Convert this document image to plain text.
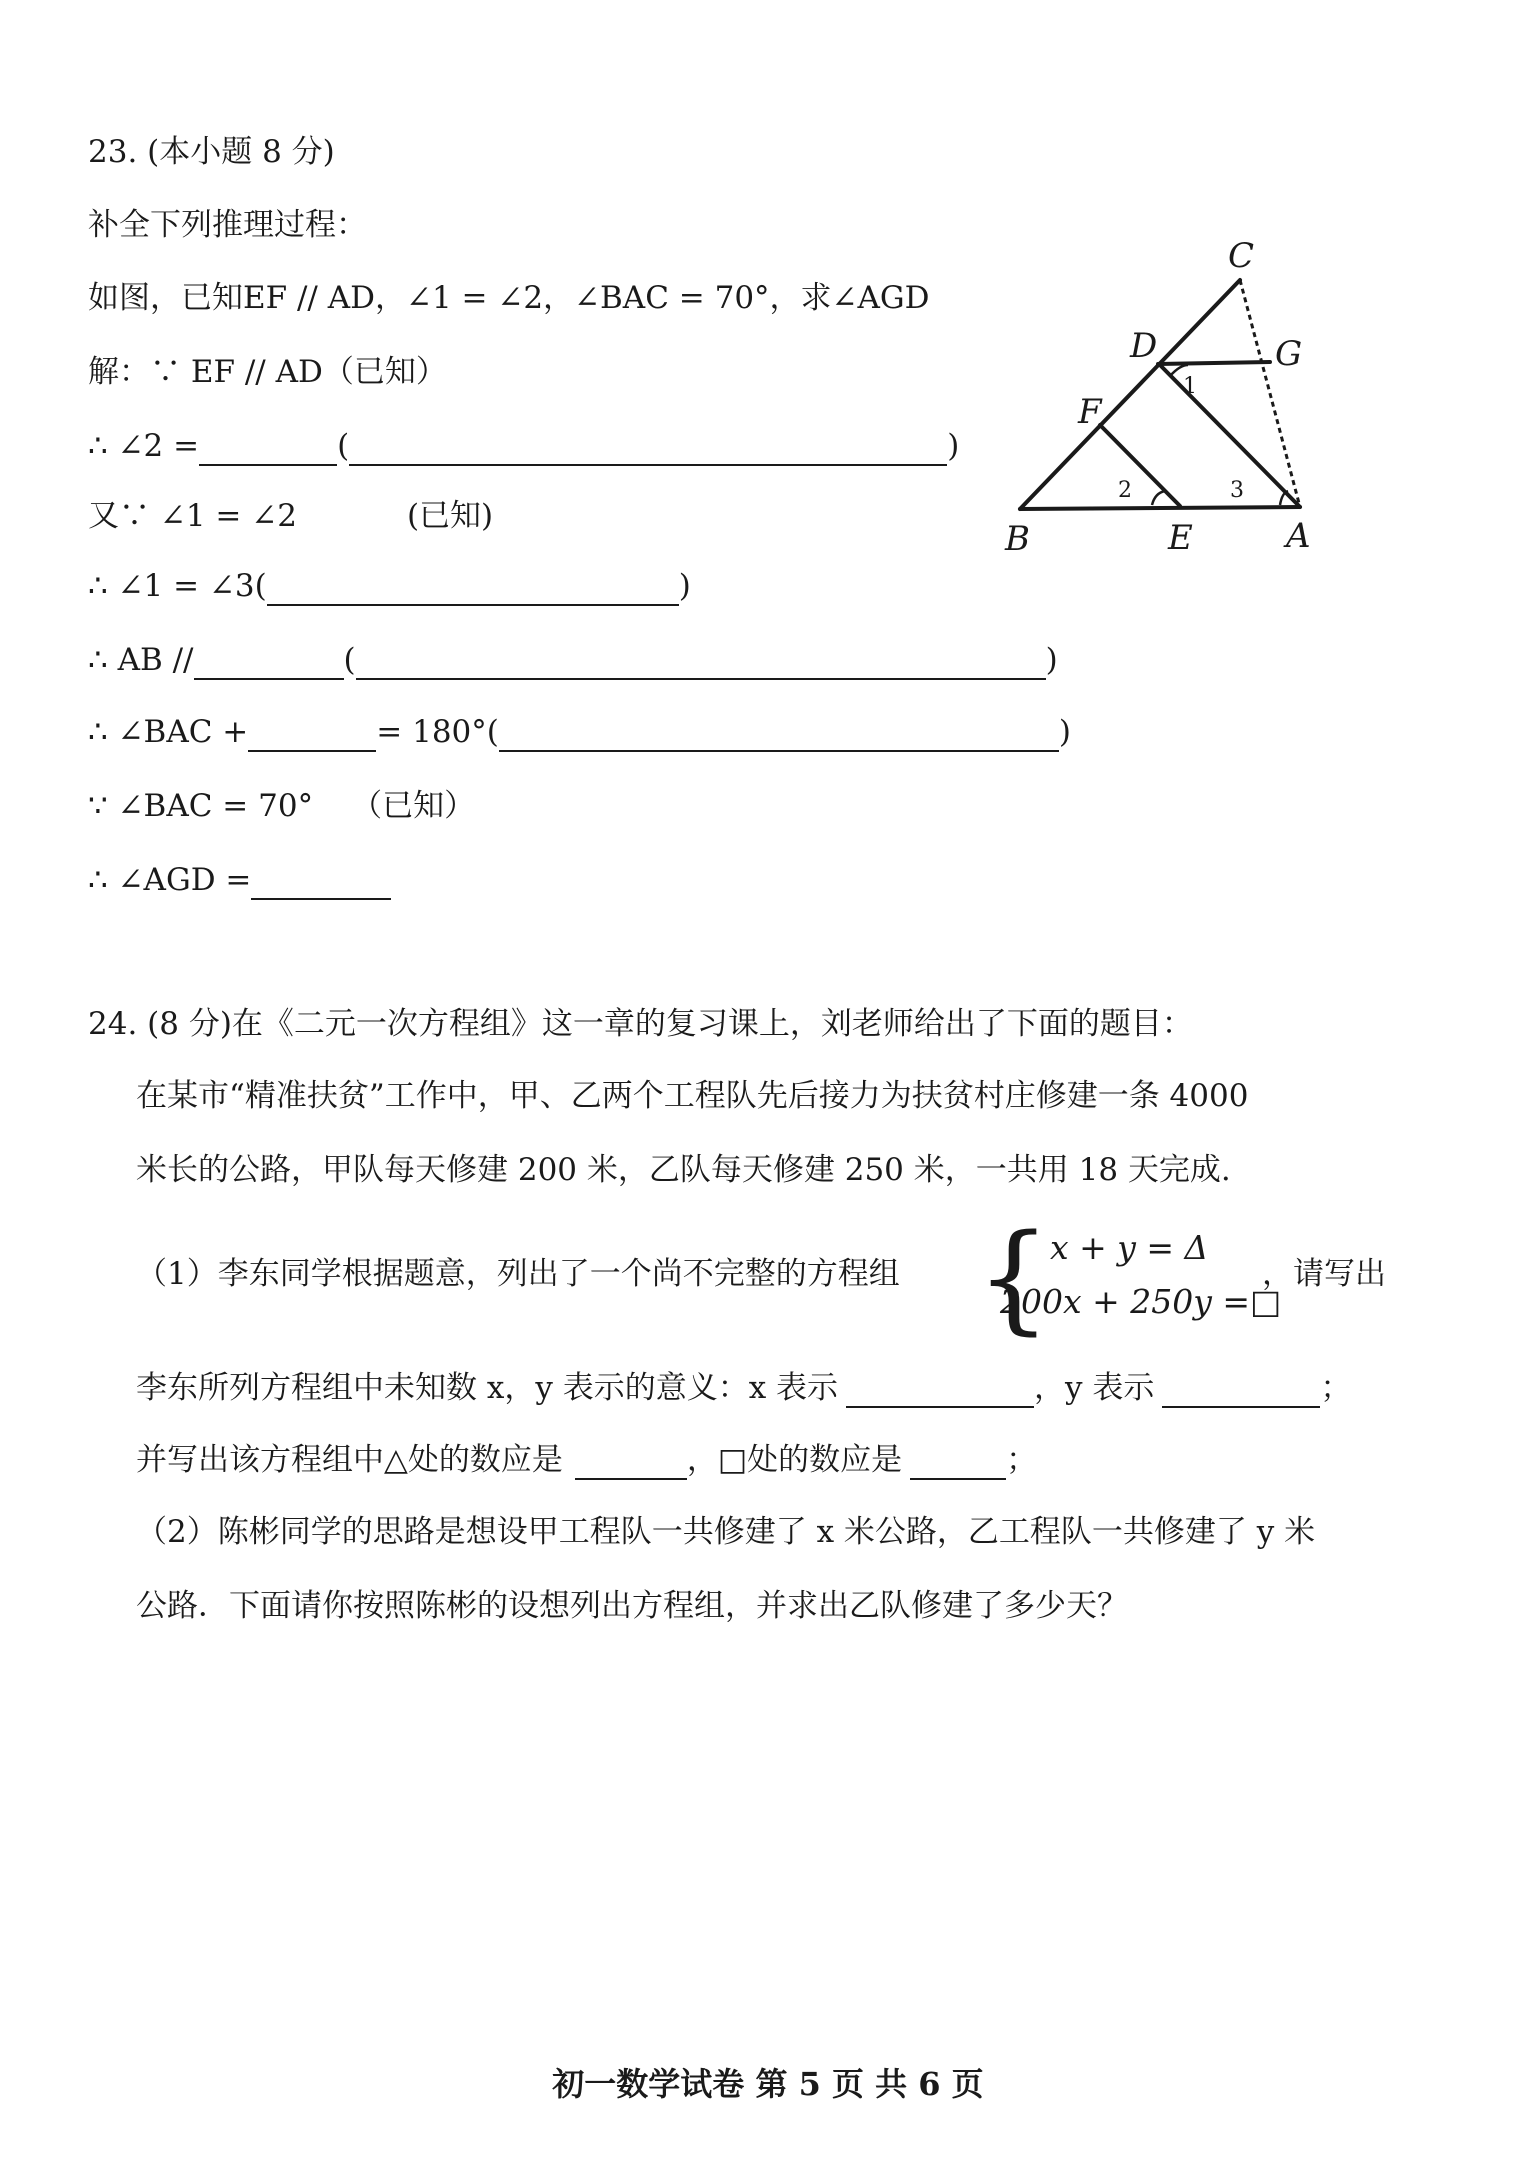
23. (本小题 8 分)
补全下列推理过程：
如图，已知EF // AD，∠1 = ∠2，∠BAC = 70°，求∠AGD
解：∵ EF // AD（已知）
∴ ∠2 =	(	)
又∵ ∠1 = ∠2	(已知)
∴ ∠1 = ∠3(	)
∴ AB //	(	)
∴ ∠BAC +	= 180°(	)
∵ ∠BAC = 70° （已知）
∴ ∠AGD =
C
D	G
F
B	E	A
1
2	3
24. (8 分)在《二元一次方程组》这一章的复习课上，刘老师给出了下面的题目：
在某市“精准扶贫”工作中，甲、乙两个工程队先后接力为扶贫村庄修建一条 4000
米长的公路，甲队每天修建 200 米，乙队每天修建 250 米，一共用 18 天完成.
（1）李东同学根据题意，列出了一个尚不完整的方程组 {
x + y = Δ
200x + 250y =□
，请写出
李东所列方程组中未知数 x，y 表示的意义：x 表示	，y 表示	；
并写出该方程组中△处的数应是	，□处的数应是	；
（2）陈彬同学的思路是想设甲工程队一共修建了 x 米公路，乙工程队一共修建了 y 米
公路．下面请你按照陈彬的设想列出方程组，并求出乙队修建了多少天？
初一数学试卷 第 5 页 共 6 页
